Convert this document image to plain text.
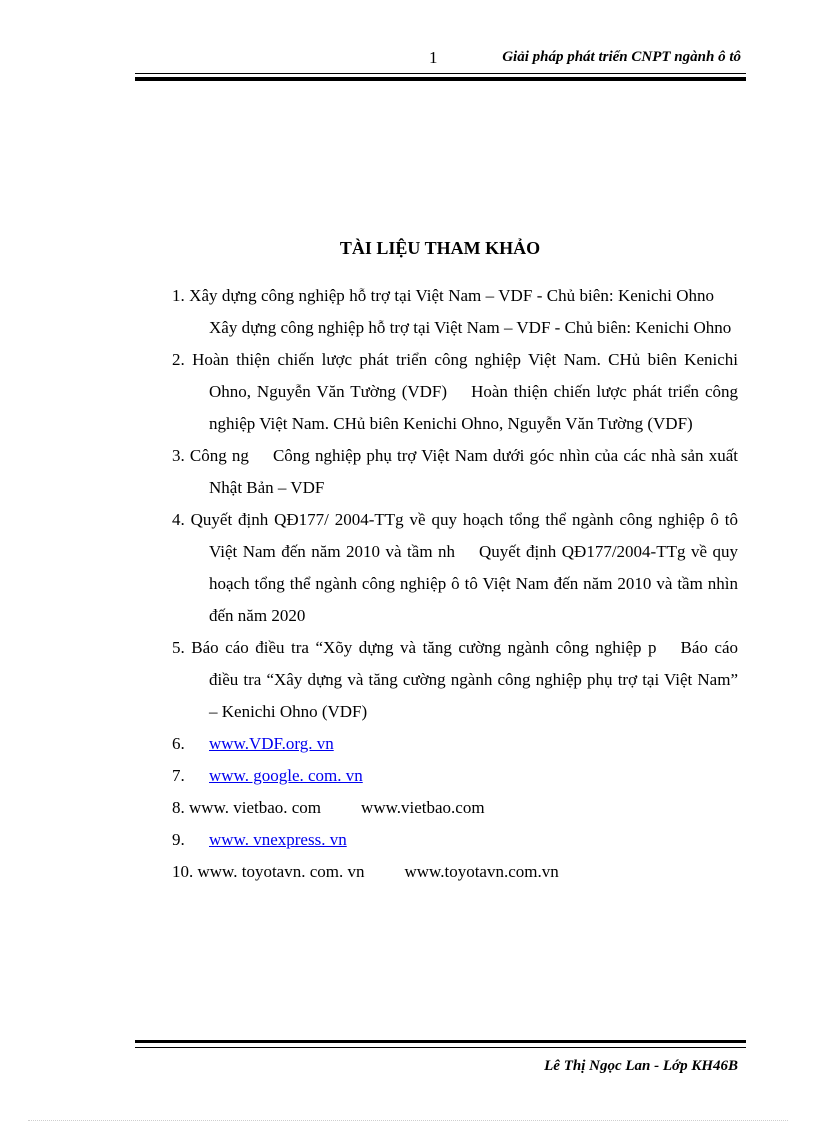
1	Giải pháp phát triển CNPT ngành ô tô
TÀI LIỆU THAM KHẢO

1. Xây dựng công nghiệp hỗ trợ tại Việt Nam – VDF - Chủ biên: Kenichi OhnoXây dựng công nghiệp hỗ trợ tại Việt Nam – VDF - Chủ biên: Kenichi Ohno

2. Hoàn thiện chiến lược phát triển công nghiệp Việt Nam. CHủ biên Kenichi Ohno, Nguyễn Văn Tường (VDF) Hoàn thiện chiến lược phát triển công nghiệp Việt Nam. CHủ biên Kenichi Ohno, Nguyễn Văn Tường (VDF)

3. Công ng Công nghiệp phụ trợ Việt Nam dưới góc nhìn của các nhà sản xuất Nhật Bản – VDF

4. Quyết định QĐ177/ 2004-TTg về quy hoạch tổng thể ngành công nghiệp ô tô Việt Nam đến năm 2010 và tầm nh Quyết định QĐ177/2004-TTg về quy hoạch tổng thể ngành công nghiệp ô tô Việt Nam đến năm 2010 và tầm nhìn đến năm 2020

5. Báo cáo điều tra “Xõy dựng và tăng cường ngành công nghiệp p Báo cáo điều tra “Xây dựng và tăng cường ngành công nghiệp phụ trợ tại Việt Nam” – Kenichi Ohno (VDF)

6. www.VDF.org. vn

7. www. google. com. vn

8. www. vietbao. com www.vietbao.com

9. www. vnexpress. vn

10. www. toyotavn. com. vn www.toyotavn.com.vn

Lê Thị Ngọc Lan - Lớp KH46B
